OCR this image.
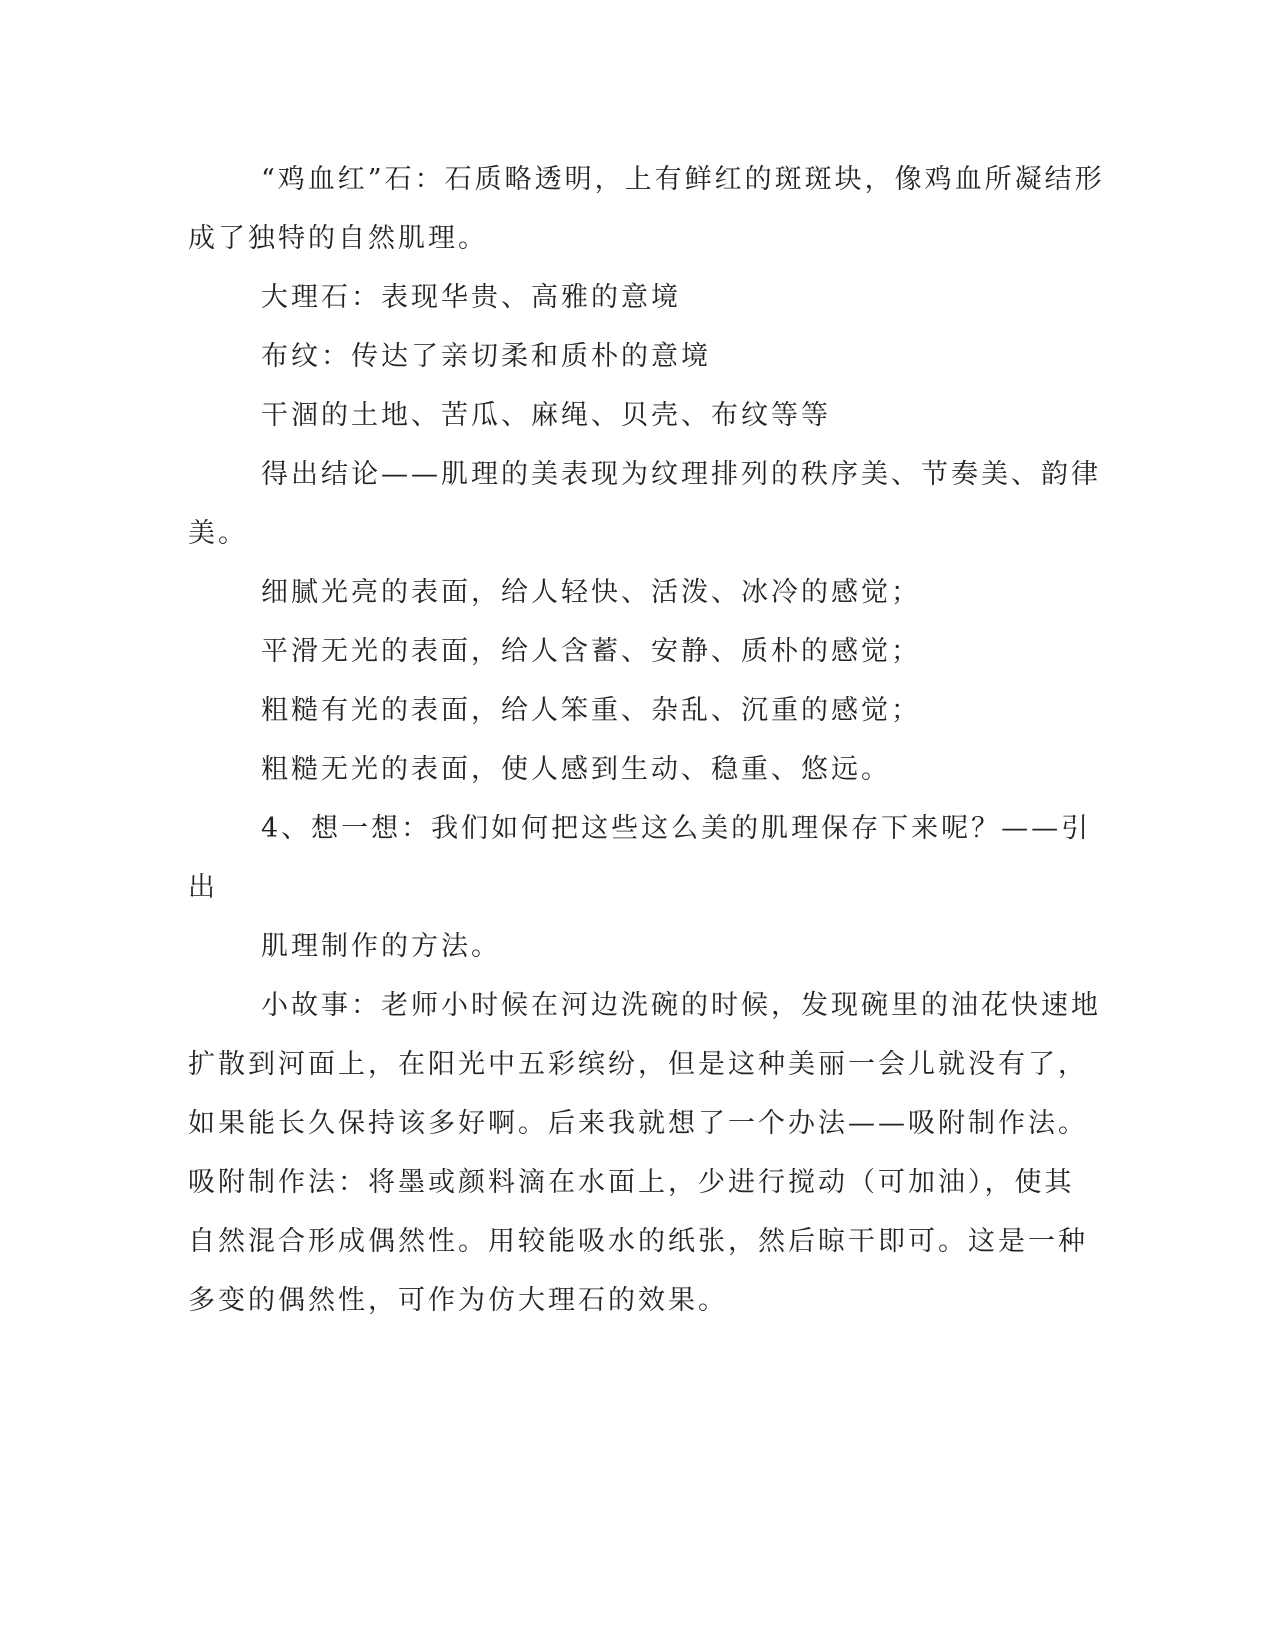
“鸡血红”石：石质略透明，上有鲜红的斑斑块，像鸡血所凝结形
成了独特的自然肌理。
大理石：表现华贵、高雅的意境
布纹：传达了亲切柔和质朴的意境
干涸的土地、苦瓜、麻绳、贝壳、布纹等等
得出结论——肌理的美表现为纹理排列的秩序美、节奏美、韵律
美。
细腻光亮的表面，给人轻快、活泼、冰冷的感觉；
平滑无光的表面，给人含蓄、安静、质朴的感觉；
粗糙有光的表面，给人笨重、杂乱、沉重的感觉；
粗糙无光的表面，使人感到生动、稳重、悠远。
4、想一想：我们如何把这些这么美的肌理保存下来呢？——引
出
肌理制作的方法。
小故事：老师小时候在河边洗碗的时候，发现碗里的油花快速地
扩散到河面上，在阳光中五彩缤纷，但是这种美丽一会儿就没有了，
如果能长久保持该多好啊。后来我就想了一个办法——吸附制作法。
吸附制作法：将墨或颜料滴在水面上，少进行搅动（可加油），使其
自然混合形成偶然性。用较能吸水的纸张，然后晾干即可。这是一种
多变的偶然性，可作为仿大理石的效果。
